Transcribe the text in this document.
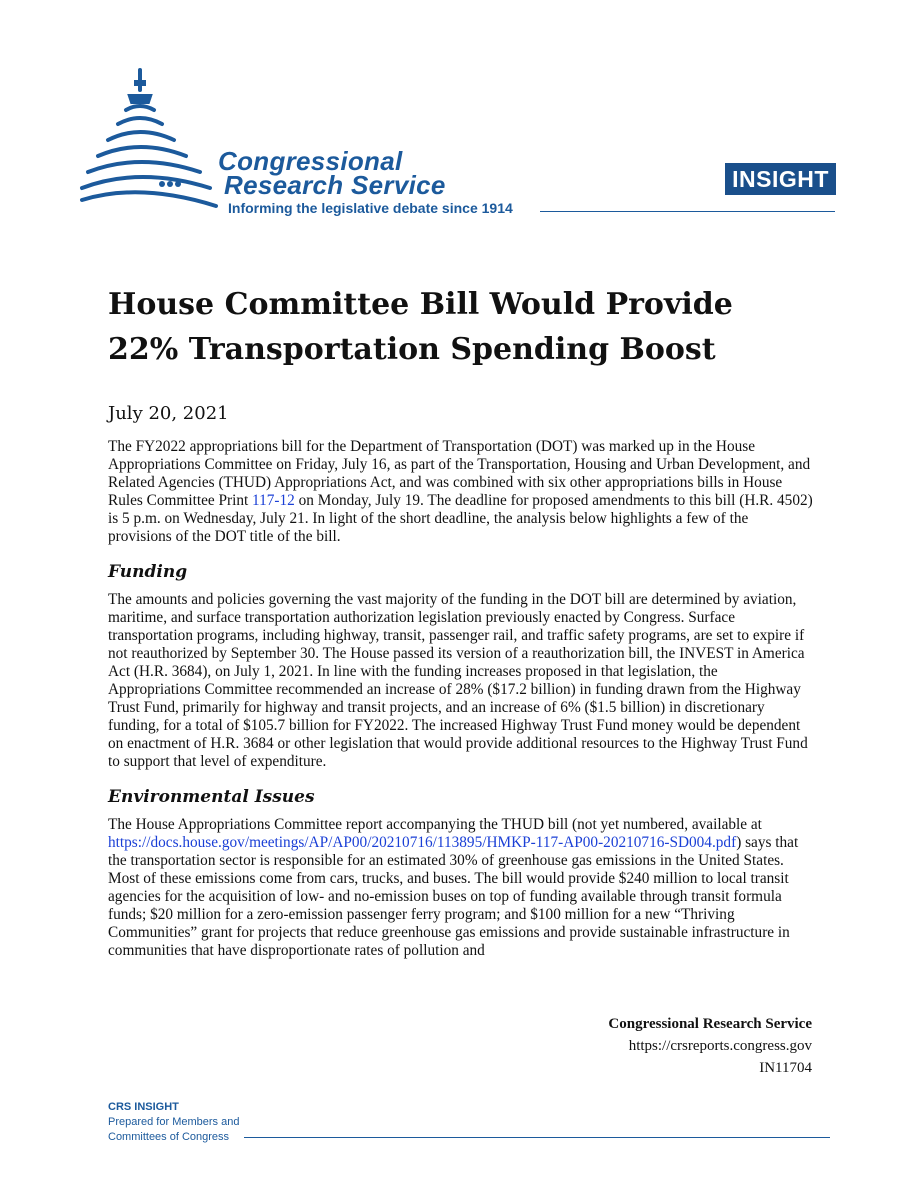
Congressional
Research Service
Informing the legislative debate since 1914
INSIGHT
House Committee Bill Would Provide
22% Transportation Spending Boost
July 20, 2021

The FY2022 appropriations bill for the Department of Transportation (DOT) was marked up in the House Appropriations Committee on Friday, July 16, as part of the Transportation, Housing and Urban Development, and Related Agencies (THUD) Appropriations Act, and was combined with six other appropriations bills in House Rules Committee Print 117-12 on Monday, July 19. The deadline for proposed amendments to this bill (H.R. 4502) is 5 p.m. on Wednesday, July 21. In light of the short deadline, the analysis below highlights a few of the provisions of the DOT title of the bill.

Funding

The amounts and policies governing the vast majority of the funding in the DOT bill are determined by aviation, maritime, and surface transportation authorization legislation previously enacted by Congress. Surface transportation programs, including highway, transit, passenger rail, and traffic safety programs, are set to expire if not reauthorized by September 30. The House passed its version of a reauthorization bill, the INVEST in America Act (H.R. 3684), on July 1, 2021. In line with the funding increases proposed in that legislation, the Appropriations Committee recommended an increase of 28% ($17.2 billion) in funding drawn from the Highway Trust Fund, primarily for highway and transit projects, and an increase of 6% ($1.5 billion) in discretionary funding, for a total of $105.7 billion for FY2022. The increased Highway Trust Fund money would be dependent on enactment of H.R. 3684 or other legislation that would provide additional resources to the Highway Trust Fund to support that level of expenditure.

Environmental Issues

The House Appropriations Committee report accompanying the THUD bill (not yet numbered, available at https://docs.house.gov/meetings/AP/AP00/20210716/113895/HMKP-117-AP00-20210716-SD004.pdf) says that the transportation sector is responsible for an estimated 30% of greenhouse gas emissions in the United States. Most of these emissions come from cars, trucks, and buses. The bill would provide $240 million to local transit agencies for the acquisition of low- and no-emission buses on top of funding available through transit formula funds; $20 million for a zero-emission passenger ferry program; and $100 million for a new “Thriving Communities” grant for projects that reduce greenhouse gas emissions and provide sustainable infrastructure in communities that have disproportionate rates of pollution and

Congressional Research Service
https://crsreports.congress.gov
IN11704
CRS INSIGHT
Prepared for Members and
Committees of Congress
